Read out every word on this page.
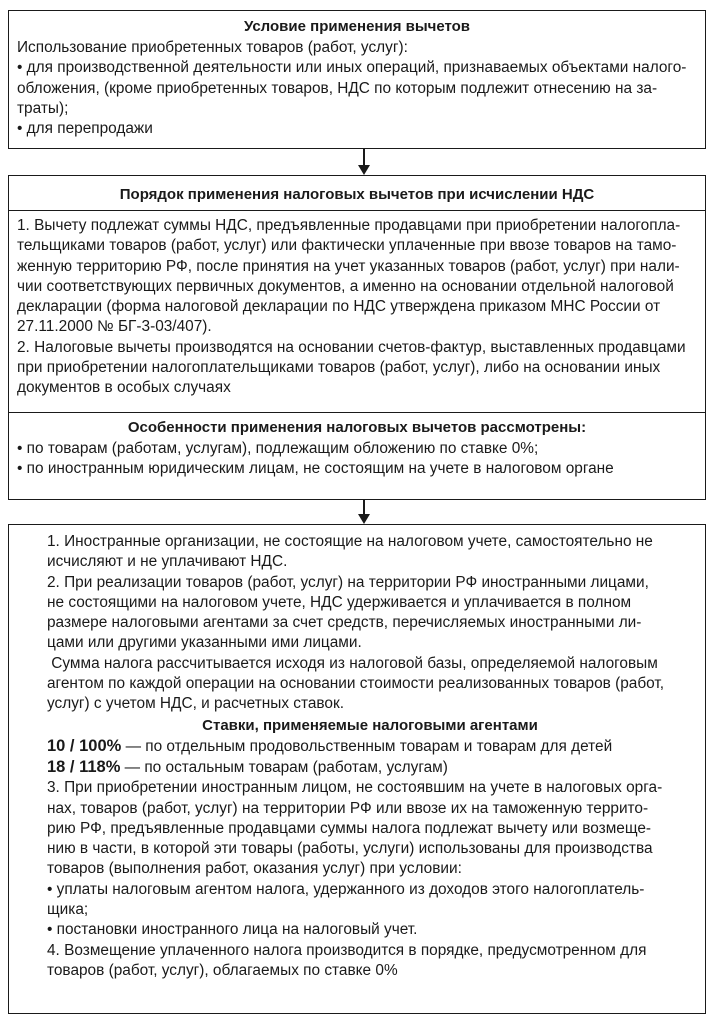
Условие применения вычетов

Использование приобретенных товаров (работ, услуг):

• для производственной деятельности или иных операций, признаваемых объектами налого-

обложения, (кроме приобретенных товаров, НДС по которым подлежит отнесению на за-

траты);

• для перепродажи

Порядок применения налоговых вычетов при исчислении НДС

1. Вычету подлежат суммы НДС, предъявленные продавцами при приобретении налогопла-

тельщиками товаров (работ, услуг) или фактически уплаченные при ввозе товаров на тамо-

женную территорию РФ, после принятия на учет указанных товаров (работ, услуг) при нали-

чии соответствующих первичных документов, а именно на основании отдельной налоговой

декларации (форма налоговой декларации по НДС утверждена приказом МНС России от

27.11.2000 № БГ-3-03/407).

2. Налоговые вычеты производятся на основании счетов-фактур, выставленных продавцами

при приобретении налогоплательщиками товаров (работ, услуг), либо на основании иных

документов в особых случаях

Особенности применения налоговых вычетов рассмотрены:

• по товарам (работам, услугам), подлежащим обложению по ставке 0%;

• по иностранным юридическим лицам, не состоящим на учете в налоговом органе

1. Иностранные организации, не состоящие на налоговом учете, самостоятельно не

исчисляют и не уплачивают НДС.

2. При реализации товаров (работ, услуг) на территории РФ иностранными лицами,

не состоящими на налоговом учете, НДС удерживается и уплачивается в полном

размере налоговыми агентами за счет средств, перечисляемых иностранными ли-

цами или другими указанными ими лицами.

Сумма налога рассчитывается исходя из налоговой базы, определяемой налоговым

агентом по каждой операции на основании стоимости реализованных товаров (работ,

услуг) с учетом НДС, и расчетных ставок.

Ставки, применяемые налоговыми агентами

10 / 100% — по отдельным продовольственным товарам и товарам для детей

18 / 118% — по остальным товарам (работам, услугам)

3. При приобретении иностранным лицом, не состоявшим на учете в налоговых орга-

нах, товаров (работ, услуг) на территории РФ или ввозе их на таможенную террито-

рию РФ, предъявленные продавцами суммы налога подлежат вычету или возмеще-

нию в части, в которой эти товары (работы, услуги) использованы для производства

товаров (выполнения работ, оказания услуг) при условии:

• уплаты налоговым агентом налога, удержанного из доходов этого налогоплатель-

щика;

• постановки иностранного лица на налоговый учет.

4. Возмещение уплаченного налога производится в порядке, предусмотренном для

товаров (работ, услуг), облагаемых по ставке 0%
